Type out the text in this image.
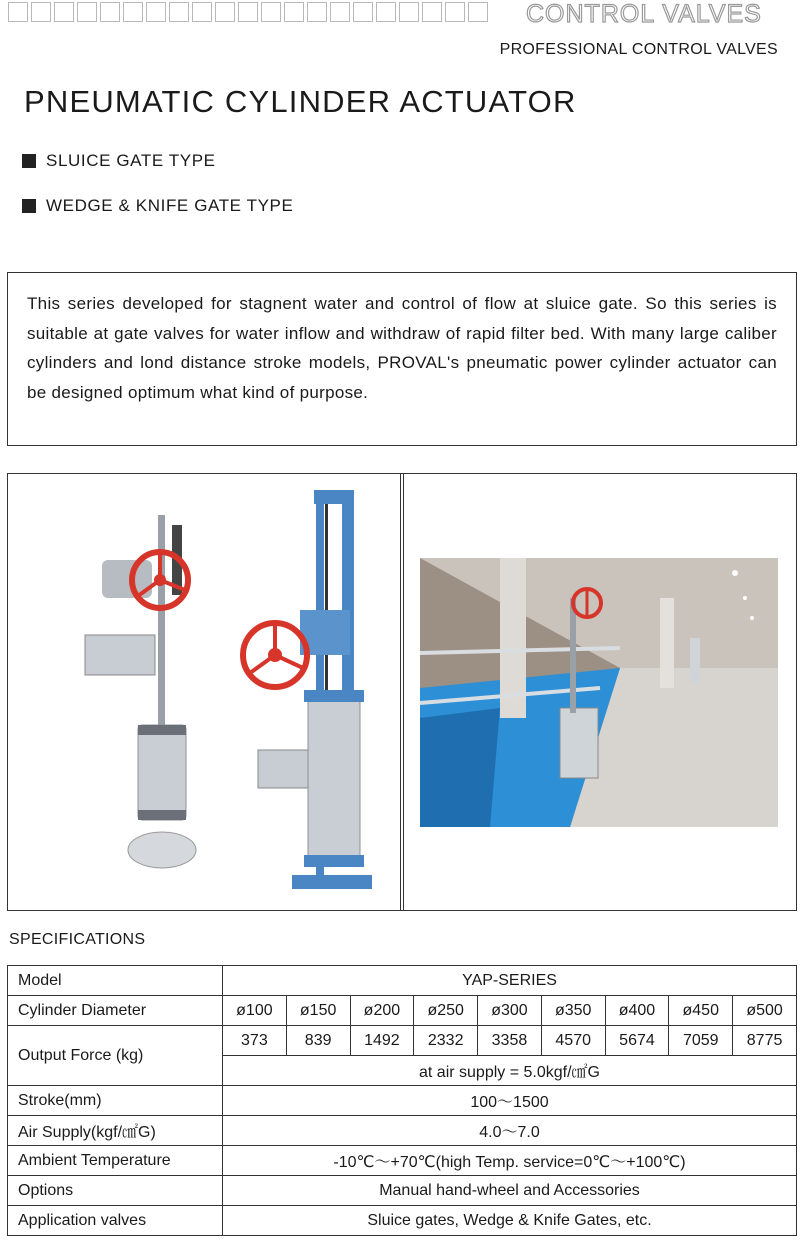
CONTROL VALVES
PROFESSIONAL CONTROL VALVES
PNEUMATIC CYLINDER ACTUATOR
SLUICE GATE TYPE
WEDGE & KNIFE GATE TYPE
This series developed for stagnent water and control of flow at sluice gate. So this series is suitable at gate valves for water inflow and withdraw of rapid filter bed. With many large caliber cylinders and lond distance stroke models, PROVAL's pneumatic power cylinder actuator can be designed optimum what kind of purpose.
SPECIFICATIONS
Model	YAP-SERIES								
Cylinder Diameter	ø100	ø150	ø200	ø250	ø300	ø350	ø400	ø450	ø500
Output Force (kg)	373	839	1492	2332	3358	4570	5674	7059	8775
	at air supply = 5.0kgf/㎠G								
Stroke(mm)	100～1500								
Air Supply(kgf/㎠G)	4.0～7.0								
Ambient Temperature	-10℃～+70℃(high Temp. service=0℃～+100℃)								
Options	Manual hand-wheel and Accessories								
Application valves	Sluice gates, Wedge & Knife Gates, etc.								
